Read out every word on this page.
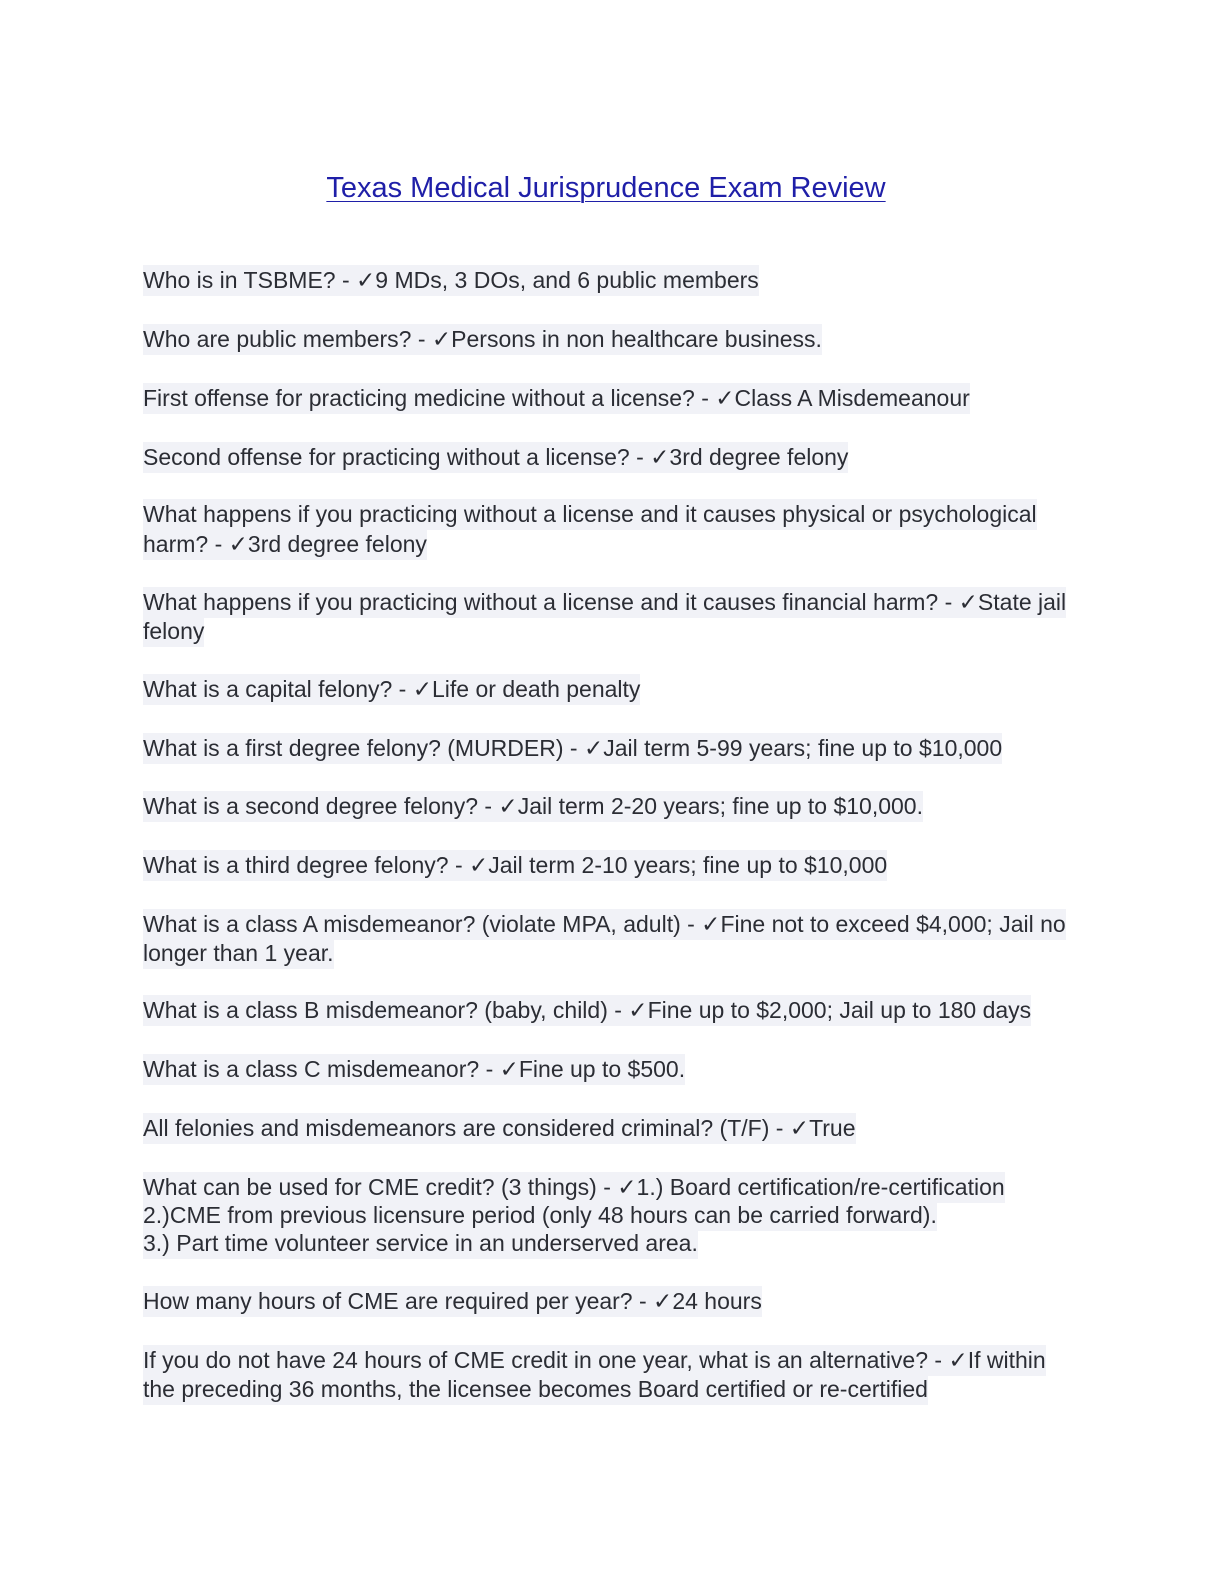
Texas Medical Jurisprudence Exam Review

Who is in TSBME? - ✓9 MDs, 3 DOs, and 6 public members

Who are public members? - ✓Persons in non healthcare business.

First offense for practicing medicine without a license? - ✓Class A Misdemeanour

Second offense for practicing without a license? - ✓3rd degree felony

What happens if you practicing without a license and it causes physical or psychological harm? - ✓3rd degree felony

What happens if you practicing without a license and it causes financial harm? - ✓State jail felony

What is a capital felony? - ✓Life or death penalty

What is a first degree felony? (MURDER) - ✓Jail term 5-99 years; fine up to $10,000

What is a second degree felony? - ✓Jail term 2-20 years; fine up to $10,000.

What is a third degree felony? - ✓Jail term 2-10 years; fine up to $10,000

What is a class A misdemeanor? (violate MPA, adult) - ✓Fine not to exceed $4,000; Jail no longer than 1 year.

What is a class B misdemeanor? (baby, child) - ✓Fine up to $2,000; Jail up to 180 days

What is a class C misdemeanor? - ✓Fine up to $500.

All felonies and misdemeanors are considered criminal? (T/F) - ✓True

What can be used for CME credit? (3 things) - ✓1.) Board certification/re-certification

2.)CME from previous licensure period (only 48 hours can be carried forward).

3.) Part time volunteer service in an underserved area.

How many hours of CME are required per year? - ✓24 hours

If you do not have 24 hours of CME credit in one year, what is an alternative? - ✓If within the preceding 36 months, the licensee becomes Board certified or re-certified
